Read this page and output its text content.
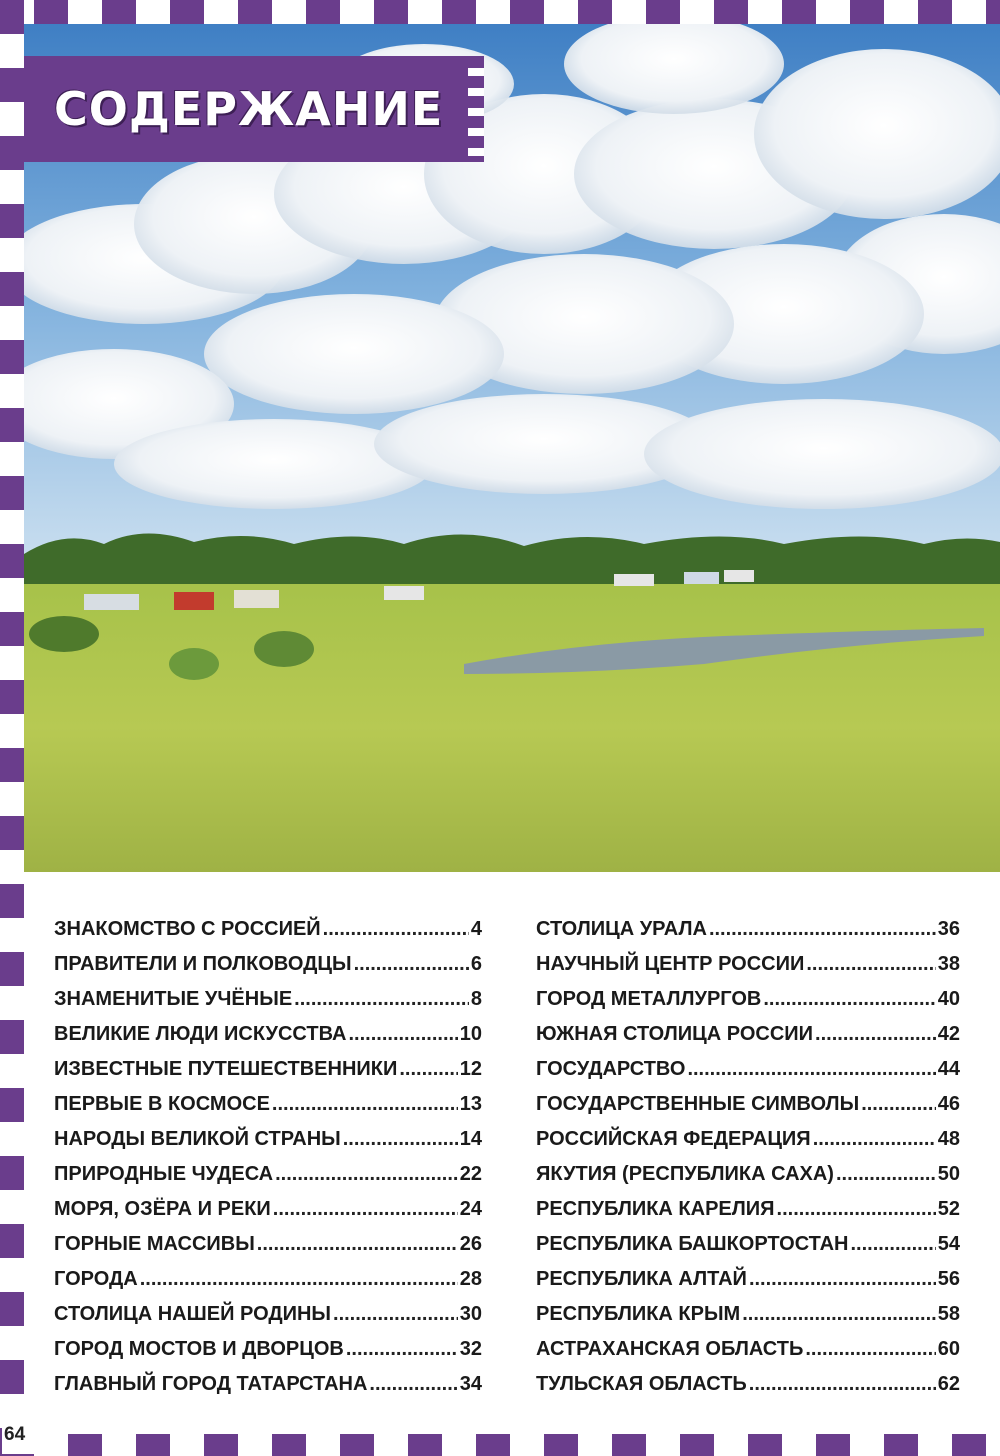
СОДЕРЖАНИЕ
ЗНАКОМСТВО С РОССИЕЙ .....	4
ПРАВИТЕЛИ И ПОЛКОВОДЦЫ .....	6
ЗНАМЕНИТЫЕ УЧЁНЫЕ .....	8
ВЕЛИКИЕ ЛЮДИ ИСКУССТВА .....	10
ИЗВЕСТНЫЕ ПУТЕШЕСТВЕННИКИ .....	12
ПЕРВЫЕ В КОСМОСЕ .....	13
НАРОДЫ ВЕЛИКОЙ СТРАНЫ .....	14
ПРИРОДНЫЕ ЧУДЕСА .....	22
МОРЯ, ОЗЁРА И РЕКИ .....	24
ГОРНЫЕ МАССИВЫ .....	26
ГОРОДА .....	28
СТОЛИЦА НАШЕЙ РОДИНЫ .....	30
ГОРОД МОСТОВ И ДВОРЦОВ .....	32
ГЛАВНЫЙ ГОРОД ТАТАРСТАНА .....	34
СТОЛИЦА УРАЛА .....	36
НАУЧНЫЙ ЦЕНТР РОССИИ .....	38
ГОРОД МЕТАЛЛУРГОВ .....	40
ЮЖНАЯ СТОЛИЦА РОССИИ .....	42
ГОСУДАРСТВО .....	44
ГОСУДАРСТВЕННЫЕ СИМВОЛЫ .....	46
РОССИЙСКАЯ ФЕДЕРАЦИЯ .....	48
ЯКУТИЯ (РЕСПУБЛИКА САХА) .....	50
РЕСПУБЛИКА КАРЕЛИЯ .....	52
РЕСПУБЛИКА БАШКОРТОСТАН .....	54
РЕСПУБЛИКА АЛТАЙ .....	56
РЕСПУБЛИКА КРЫМ .....	58
АСТРАХАНСКАЯ ОБЛАСТЬ .....	60
ТУЛЬСКАЯ ОБЛАСТЬ .....	62
64
